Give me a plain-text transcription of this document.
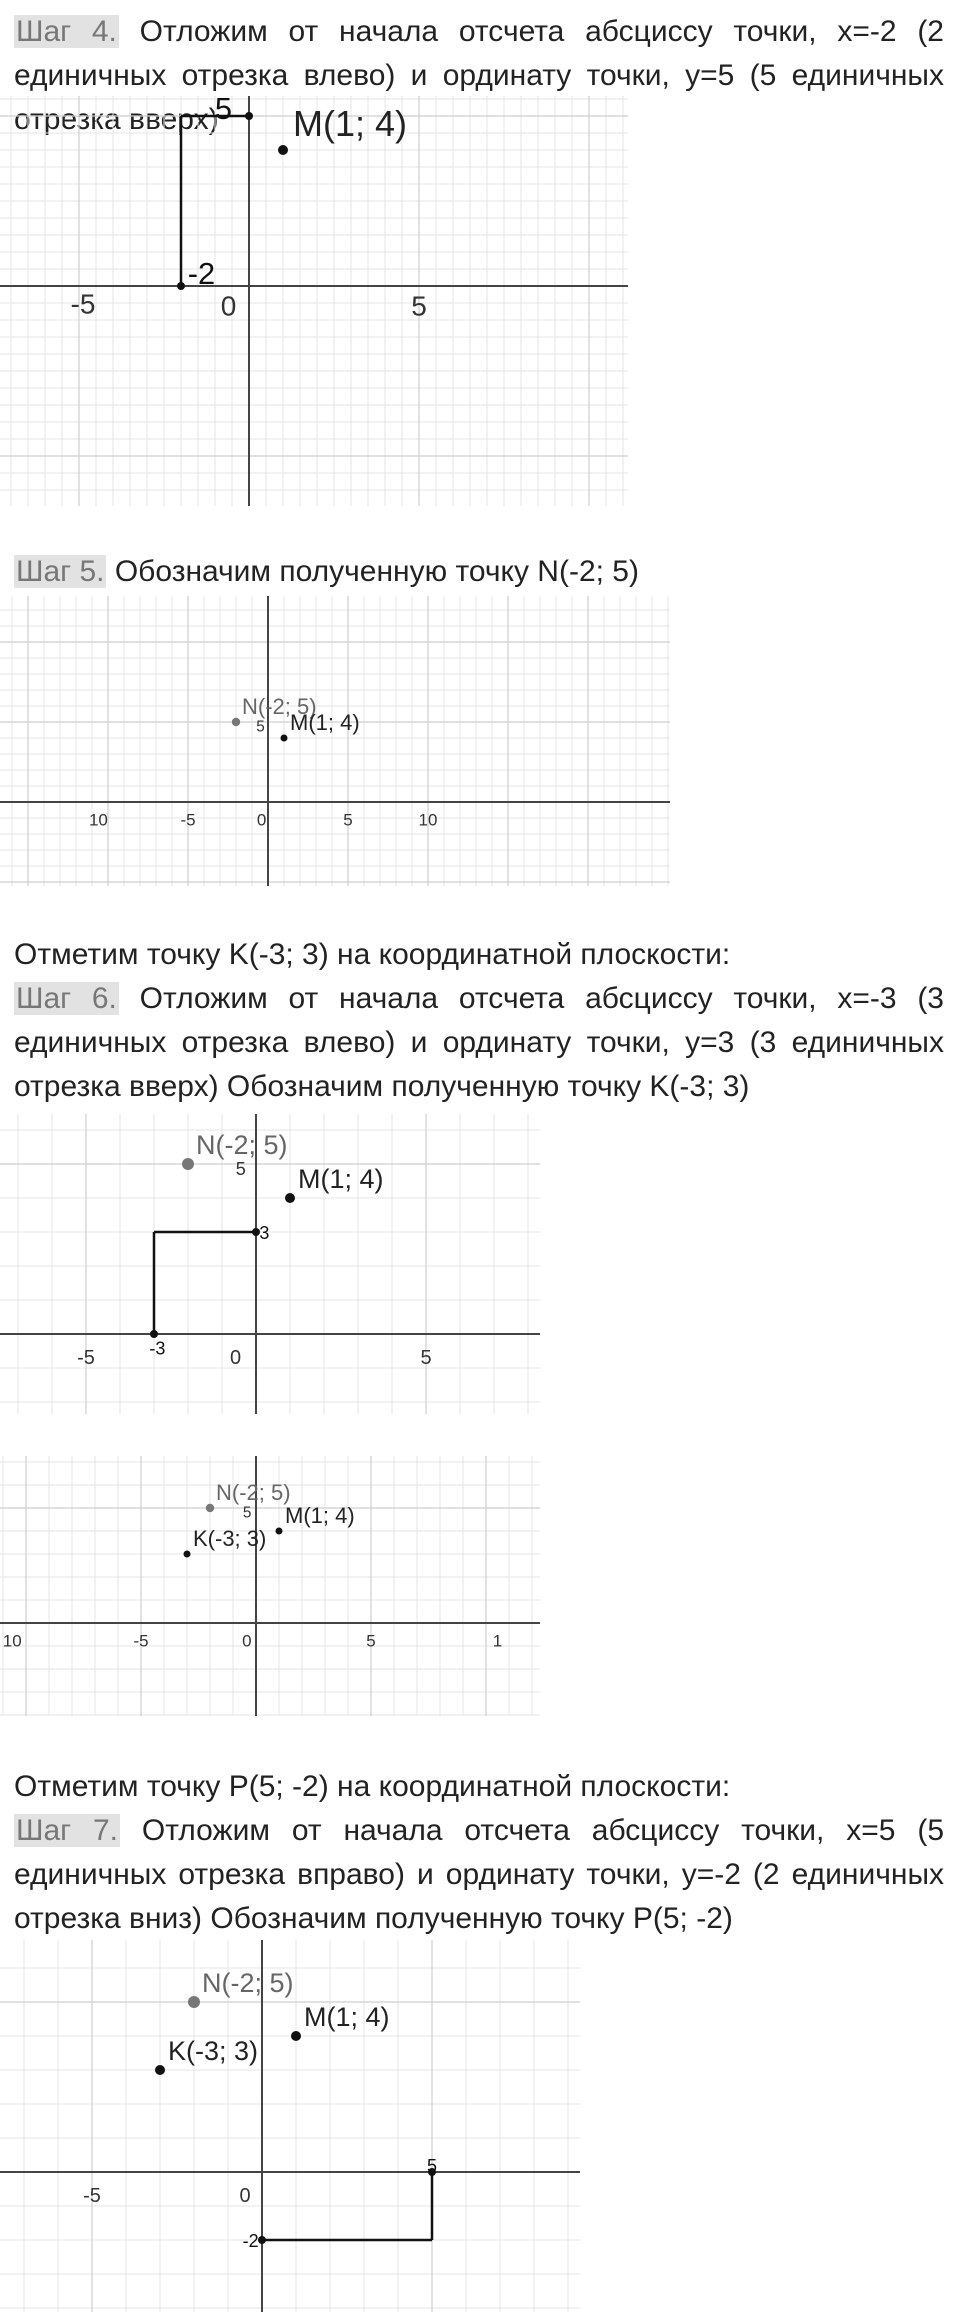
Шаг 4. Отложим от начала отсчета абсциссу точки, x=-2 (2 единичных отрезка влево) и ординату точки, y=5 (5 единичных отрезка вверх)
-5	0	5
5
-2
M(1; 4)
Шаг 5. Обозначим полученную точку N(-2; 5)
10	-5	0	5	10
5
N(-2; 5)
M(1; 4)
Отметим точку K(-3; 3) на координатной плоскости:
Шаг 6. Отложим от начала отсчета абсциссу точки, x=-3 (3 единичных отрезка влево) и ординату точки, y=3 (3 единичных отрезка вверх) Обозначим полученную точку K(-3; 3)
-5	0	5
5
3
-3
N(-2; 5)
M(1; 4)
10	-5	0	5	1
5
N(-2; 5)
M(1; 4)
K(-3; 3)
Отметим точку P(5; -2) на координатной плоскости:
Шаг 7. Отложим от начала отсчета абсциссу точки, x=5 (5 единичных отрезка вправо) и ординату точки, y=-2 (2 единичных отрезка вниз) Обозначим полученную точку P(5; -2)
-5	0
5
-2
N(-2; 5)
M(1; 4)
K(-3; 3)
